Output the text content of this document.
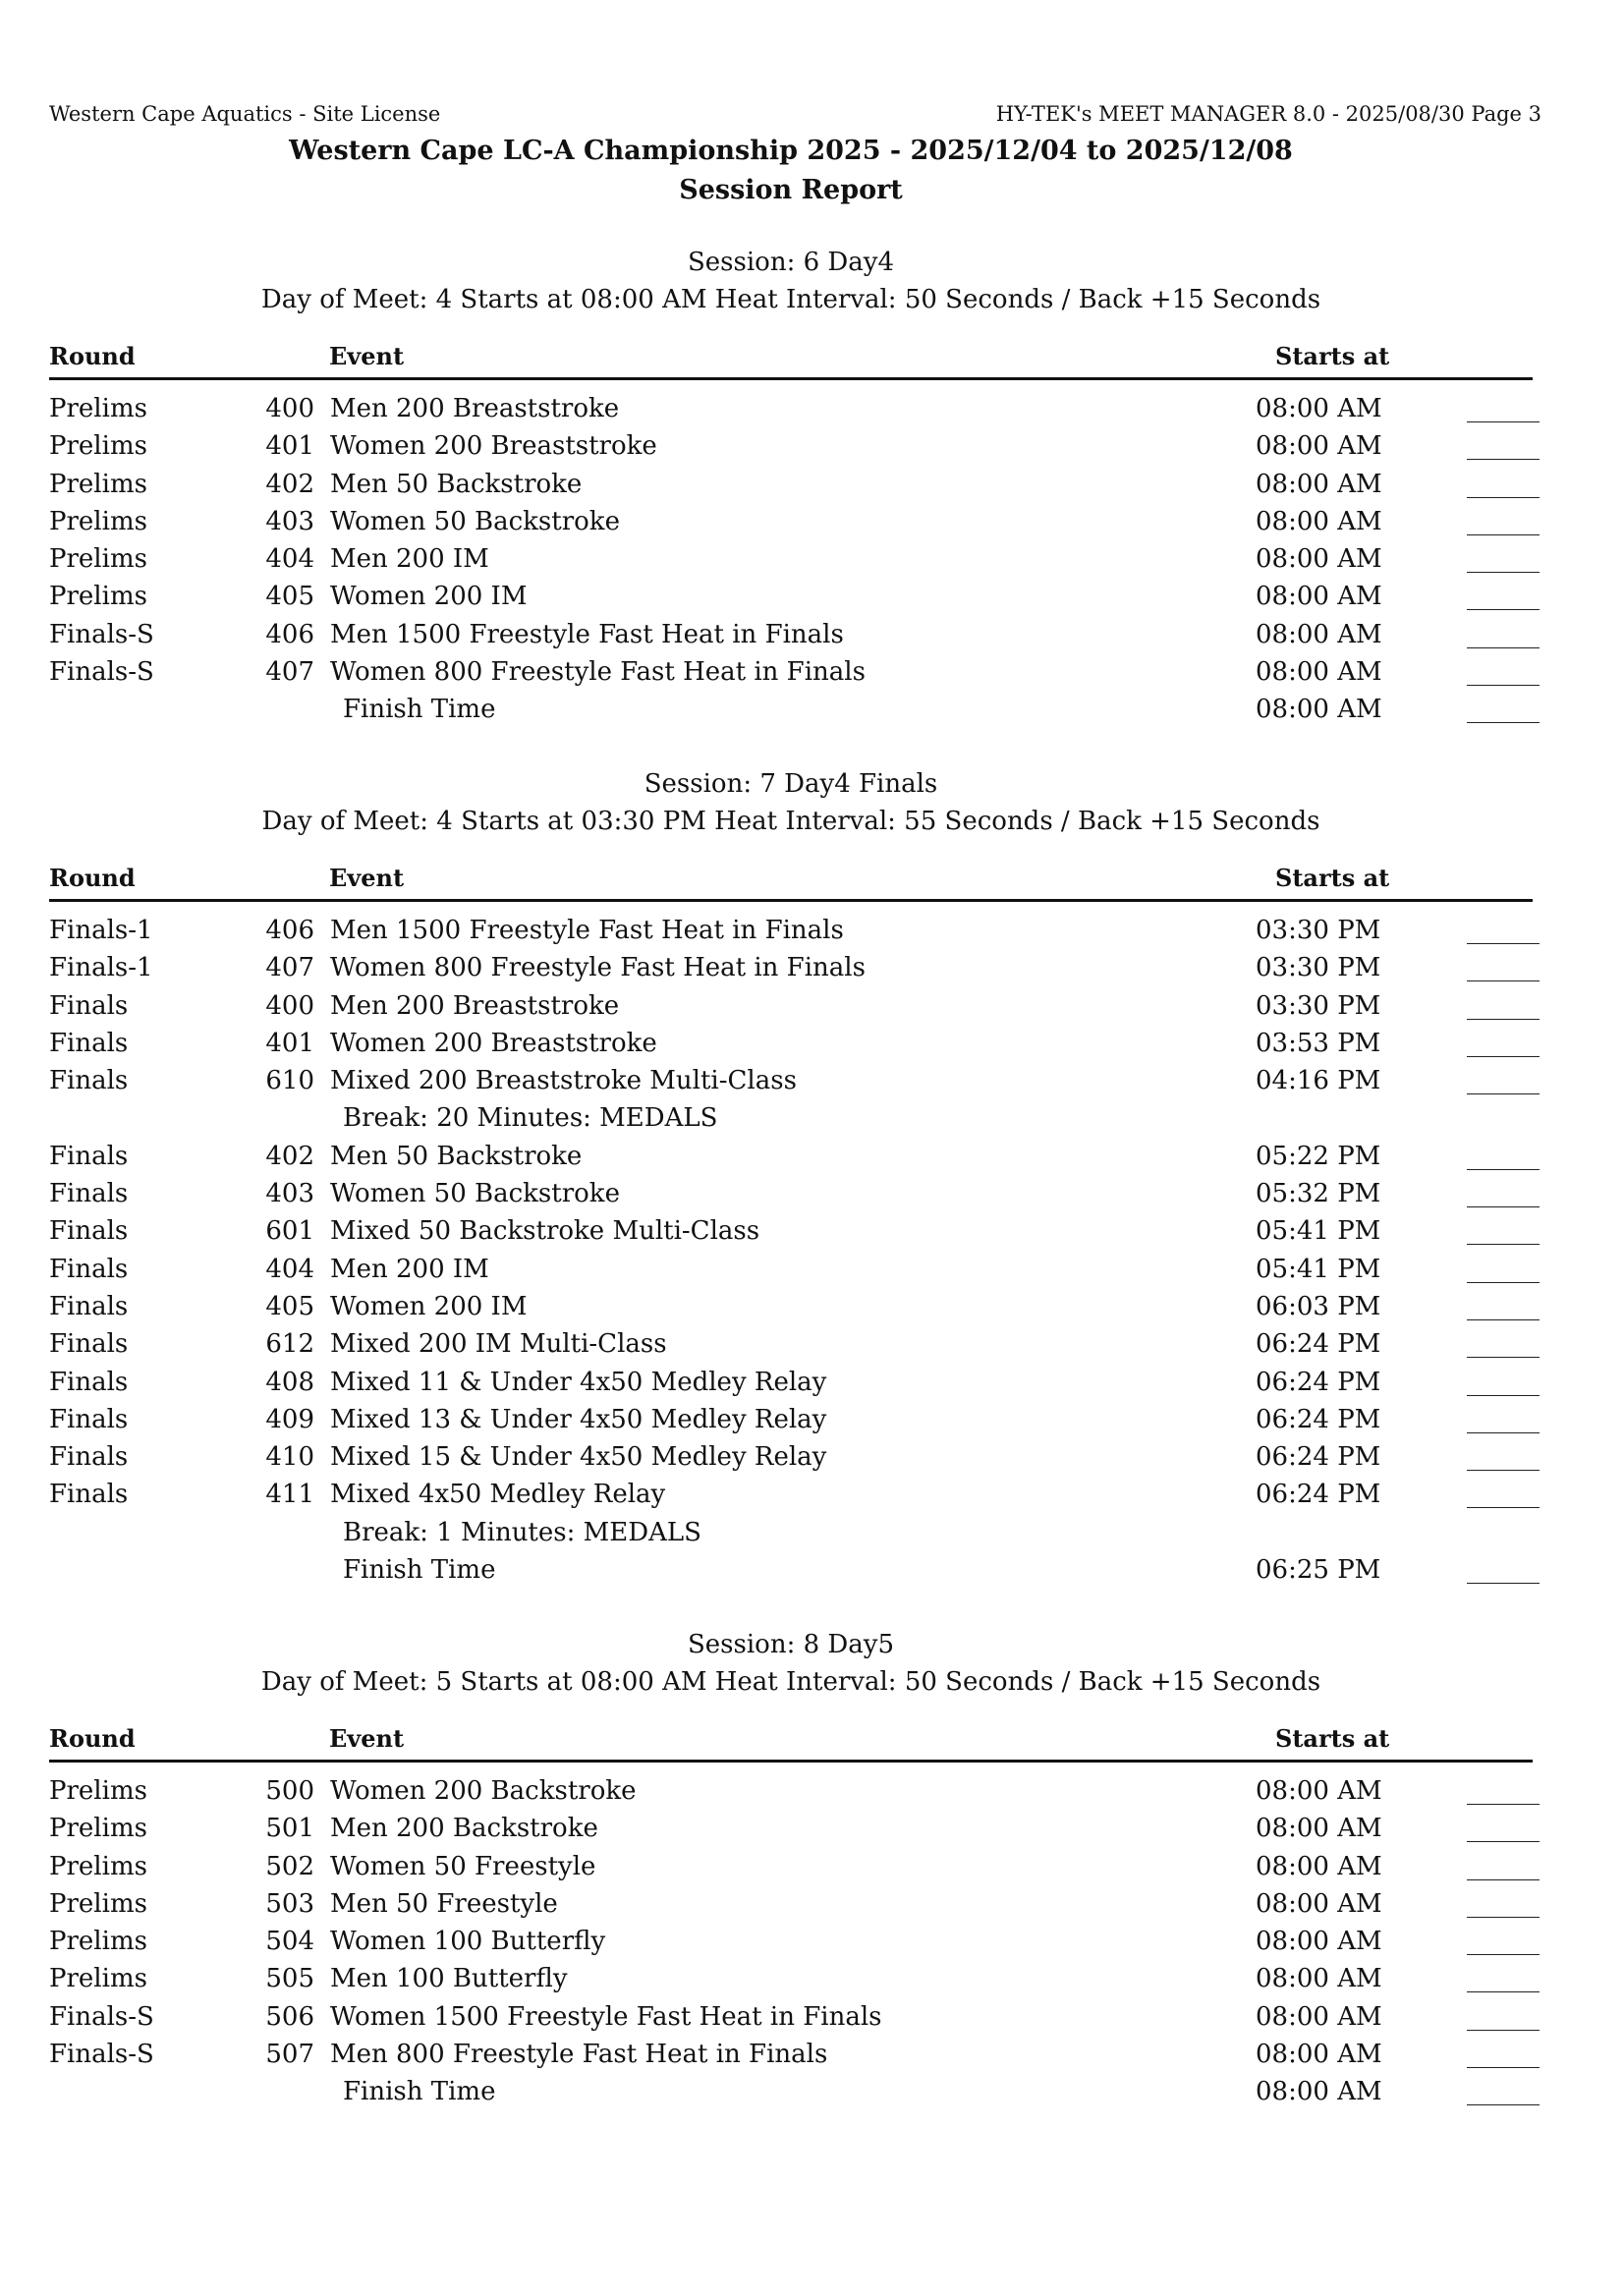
Western Cape Aquatics - Site License	HY-TEK's MEET MANAGER 8.0 - 2025/08/30 Page 3
Western Cape LC-A Championship 2025 - 2025/12/04 to 2025/12/08
Session Report
Session: 6 Day4
Day of Meet: 4 Starts at 08:00 AM Heat Interval: 50 Seconds / Back +15 Seconds
Round	Event	Starts at
Prelims	400 Men 200 Breaststroke	08:00 AM
Prelims	401 Women 200 Breaststroke	08:00 AM
Prelims	402 Men 50 Backstroke	08:00 AM
Prelims	403 Women 50 Backstroke	08:00 AM
Prelims	404 Men 200 IM	08:00 AM
Prelims	405 Women 200 IM	08:00 AM
Finals-S	406 Men 1500 Freestyle Fast Heat in Finals	08:00 AM
Finals-S	407 Women 800 Freestyle Fast Heat in Finals	08:00 AM
Finish Time	08:00 AM
Session: 7 Day4 Finals
Day of Meet: 4 Starts at 03:30 PM Heat Interval: 55 Seconds / Back +15 Seconds
Round	Event	Starts at
Finals-1	406 Men 1500 Freestyle Fast Heat in Finals	03:30 PM
Finals-1	407 Women 800 Freestyle Fast Heat in Finals	03:30 PM
Finals	400 Men 200 Breaststroke	03:30 PM
Finals	401 Women 200 Breaststroke	03:53 PM
Finals	610 Mixed 200 Breaststroke Multi-Class	04:16 PM
Break: 20 Minutes: MEDALS
Finals	402 Men 50 Backstroke	05:22 PM
Finals	403 Women 50 Backstroke	05:32 PM
Finals	601 Mixed 50 Backstroke Multi-Class	05:41 PM
Finals	404 Men 200 IM	05:41 PM
Finals	405 Women 200 IM	06:03 PM
Finals	612 Mixed 200 IM Multi-Class	06:24 PM
Finals	408 Mixed 11 & Under 4x50 Medley Relay	06:24 PM
Finals	409 Mixed 13 & Under 4x50 Medley Relay	06:24 PM
Finals	410 Mixed 15 & Under 4x50 Medley Relay	06:24 PM
Finals	411 Mixed 4x50 Medley Relay	06:24 PM
Break: 1 Minutes: MEDALS
Finish Time	06:25 PM
Session: 8 Day5
Day of Meet: 5 Starts at 08:00 AM Heat Interval: 50 Seconds / Back +15 Seconds
Round	Event	Starts at
Prelims	500 Women 200 Backstroke	08:00 AM
Prelims	501 Men 200 Backstroke	08:00 AM
Prelims	502 Women 50 Freestyle	08:00 AM
Prelims	503 Men 50 Freestyle	08:00 AM
Prelims	504 Women 100 Butterfly	08:00 AM
Prelims	505 Men 100 Butterfly	08:00 AM
Finals-S	506 Women 1500 Freestyle Fast Heat in Finals	08:00 AM
Finals-S	507 Men 800 Freestyle Fast Heat in Finals	08:00 AM
Finish Time	08:00 AM
